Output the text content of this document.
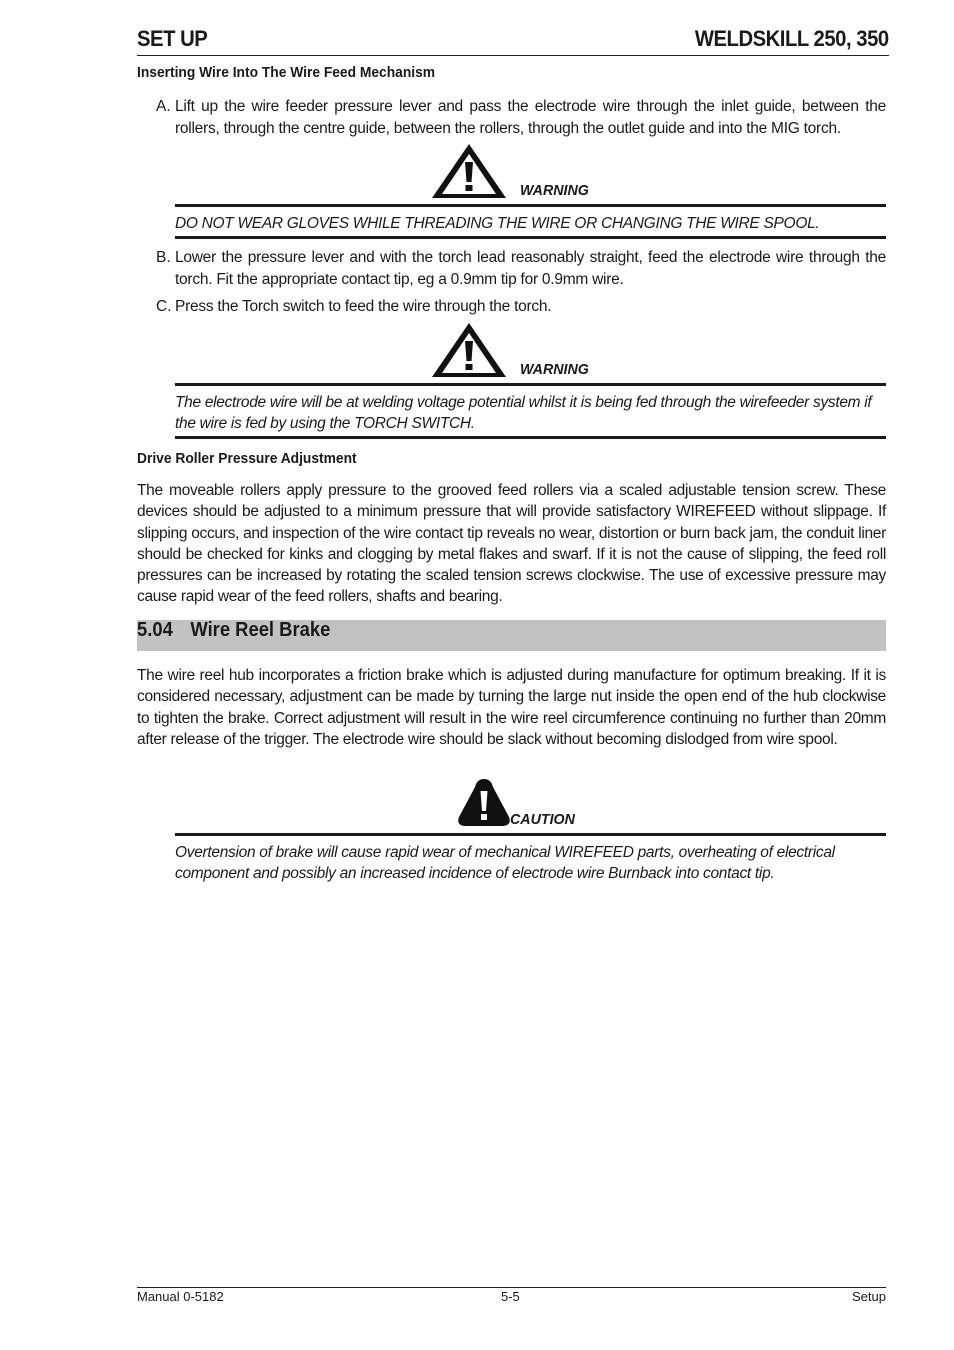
SET UP	WELDSKILL 250, 350
Inserting Wire Into The Wire Feed Mechanism
A. Lift up the wire feeder pressure lever and pass the electrode wire through the inlet guide, between the rollers, through the centre guide, between the rollers, through the outlet guide and into the MIG torch.
WARNING
DO NOT WEAR GLOVES WHILE THREADING THE WIRE OR CHANGING THE WIRE SPOOL.
B. Lower the pressure lever and with the torch lead reasonably straight, feed the electrode wire through the torch. Fit the appropriate contact tip, eg a 0.9mm tip for 0.9mm wire.
C. Press the Torch switch to feed the wire through the torch.
WARNING
The electrode wire will be at welding voltage potential whilst it is being fed through the wirefeeder system if the wire is fed by using the TORCH SWITCH.
Drive Roller Pressure Adjustment
The moveable rollers apply pressure to the grooved feed rollers via a scaled adjustable tension screw. These devices should be adjusted to a minimum pressure that will provide satisfactory WIREFEED without slippage. If slipping occurs, and inspection of the wire contact tip reveals no wear, distortion or burn back jam, the conduit liner should be checked for kinks and clogging by metal flakes and swarf. If it is not the cause of slipping, the feed roll pressures can be increased by rotating the scaled tension screws clockwise. The use of excessive pressure may cause rapid wear of the feed rollers, shafts and bearing.
5.04 Wire Reel Brake
The wire reel hub incorporates a friction brake which is adjusted during manufacture for optimum breaking. If it is considered necessary, adjustment can be made by turning the large nut inside the open end of the hub clockwise to tighten the brake. Correct adjustment will result in the wire reel circumference continuing no further than 20mm after release of the trigger. The electrode wire should be slack without becoming dislodged from wire spool.
CAUTION
Overtension of brake will cause rapid wear of mechanical WIREFEED parts, overheating of electrical component and possibly an increased incidence of electrode wire Burnback into contact tip.
Manual 0-5182	5-5	Setup
